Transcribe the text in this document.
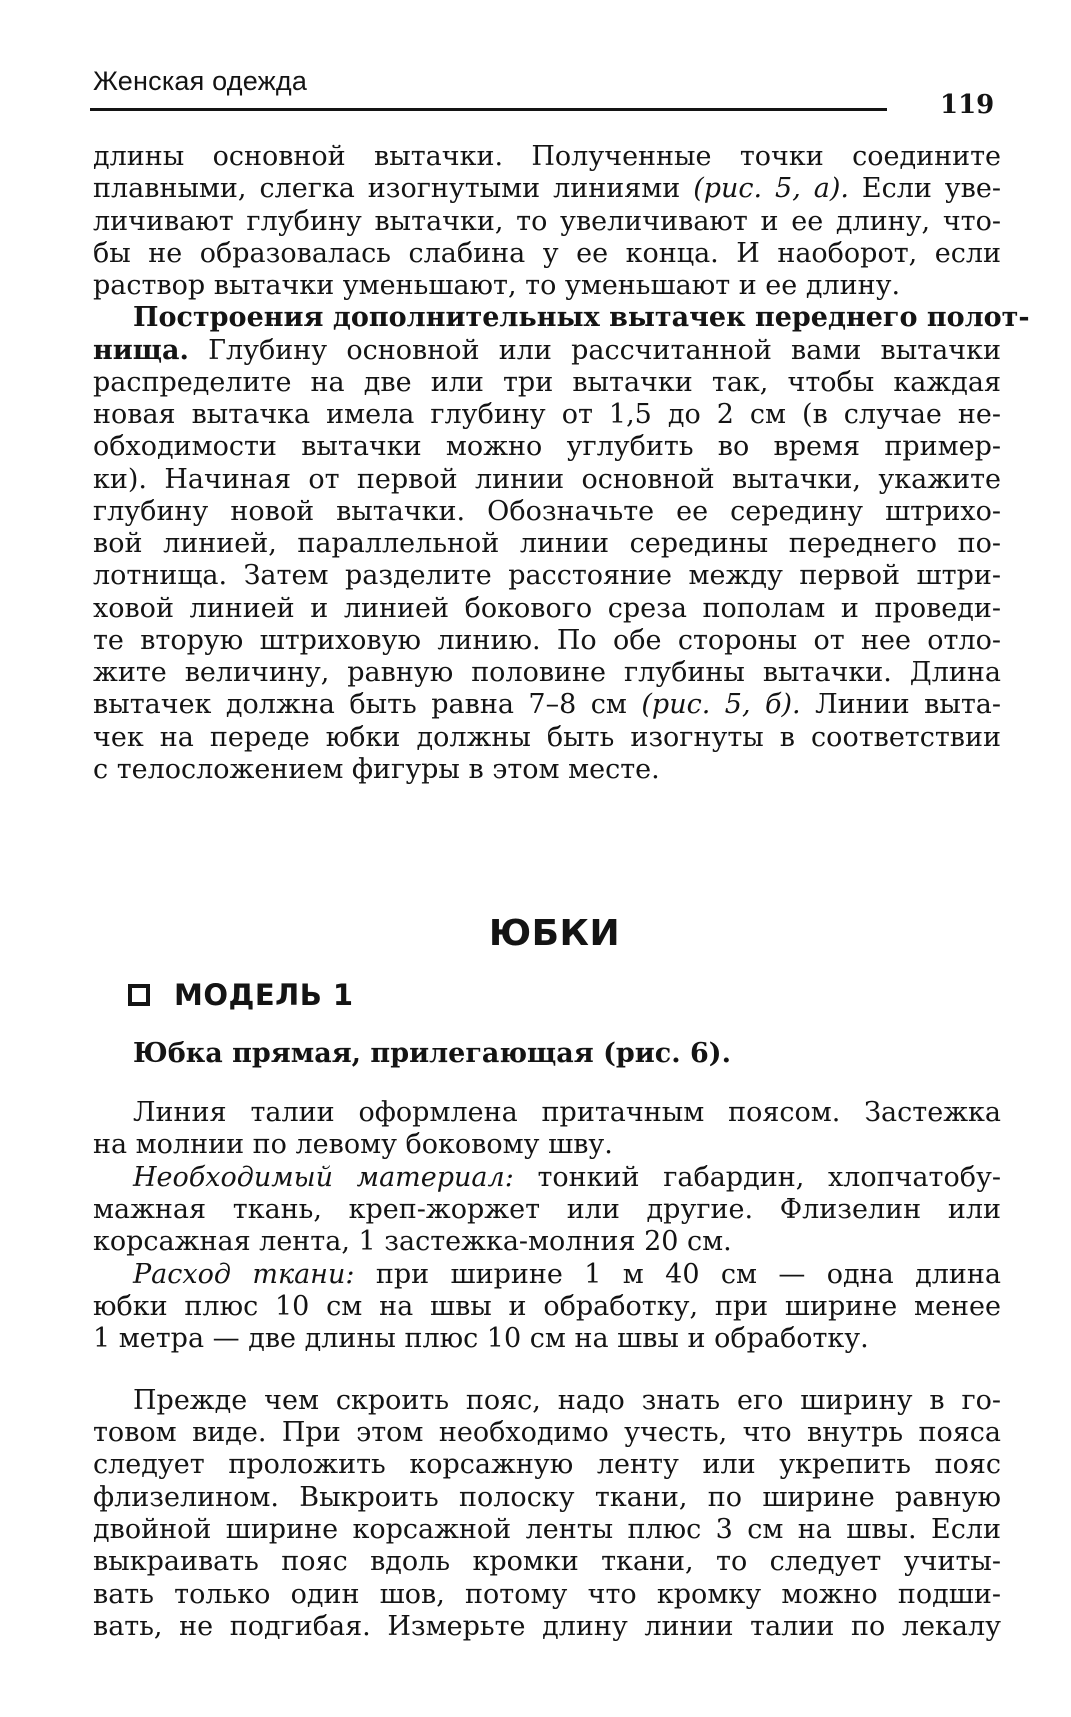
Женская одежда
119

длины основной вытачки. Полученные точки соедините

плавными, слегка изогнутыми линиями (рис. 5, а). Если уве-

личивают глубину вытачки, то увеличивают и ее длину, что-

бы не образовалась слабина у ее конца. И наоборот, если

раствор вытачки уменьшают, то уменьшают и ее длину.

Построения дополнительных вытачек переднего полот-

нища. Глубину основной или рассчитанной вами вытачки

распределите на две или три вытачки так, чтобы каждая

новая вытачка имела глубину от 1,5 до 2 см (в случае не-

обходимости вытачки можно углубить во время пример-

ки). Начиная от первой линии основной вытачки, укажите

глубину новой вытачки. Обозначьте ее середину штрихо-

вой линией, параллельной линии середины переднего по-

лотнища. Затем разделите расстояние между первой штри-

ховой линией и линией бокового среза пополам и проведи-

те вторую штриховую линию. По обе стороны от нее отло-

жите величину, равную половине глубины вытачки. Длина

вытачек должна быть равна 7–8 см (рис. 5, б). Линии выта-

чек на переде юбки должны быть изогнуты в соответствии

с телосложением фигуры в этом месте.

ЮБКИ
МОДЕЛЬ 1

Юбка прямая, прилегающая (рис. 6).

Линия талии оформлена притачным поясом. Застежка

на молнии по левому боковому шву.

Необходимый материал: тонкий габардин, хлопчатобу-

мажная ткань, креп-жоржет или другие. Флизелин или

корсажная лента, 1 застежка-молния 20 см.

Расход ткани: при ширине 1 м 40 см — одна длина

юбки плюс 10 см на швы и обработку, при ширине менее

1 метра — две длины плюс 10 см на швы и обработку.

Прежде чем скроить пояс, надо знать его ширину в го-

товом виде. При этом необходимо учесть, что внутрь пояса

следует проложить корсажную ленту или укрепить пояс

флизелином. Выкроить полоску ткани, по ширине равную

двойной ширине корсажной ленты плюс 3 см на швы. Если

выкраивать пояс вдоль кромки ткани, то следует учиты-

вать только один шов, потому что кромку можно подши-

вать, не подгибая. Измерьте длину линии талии по лекалу
